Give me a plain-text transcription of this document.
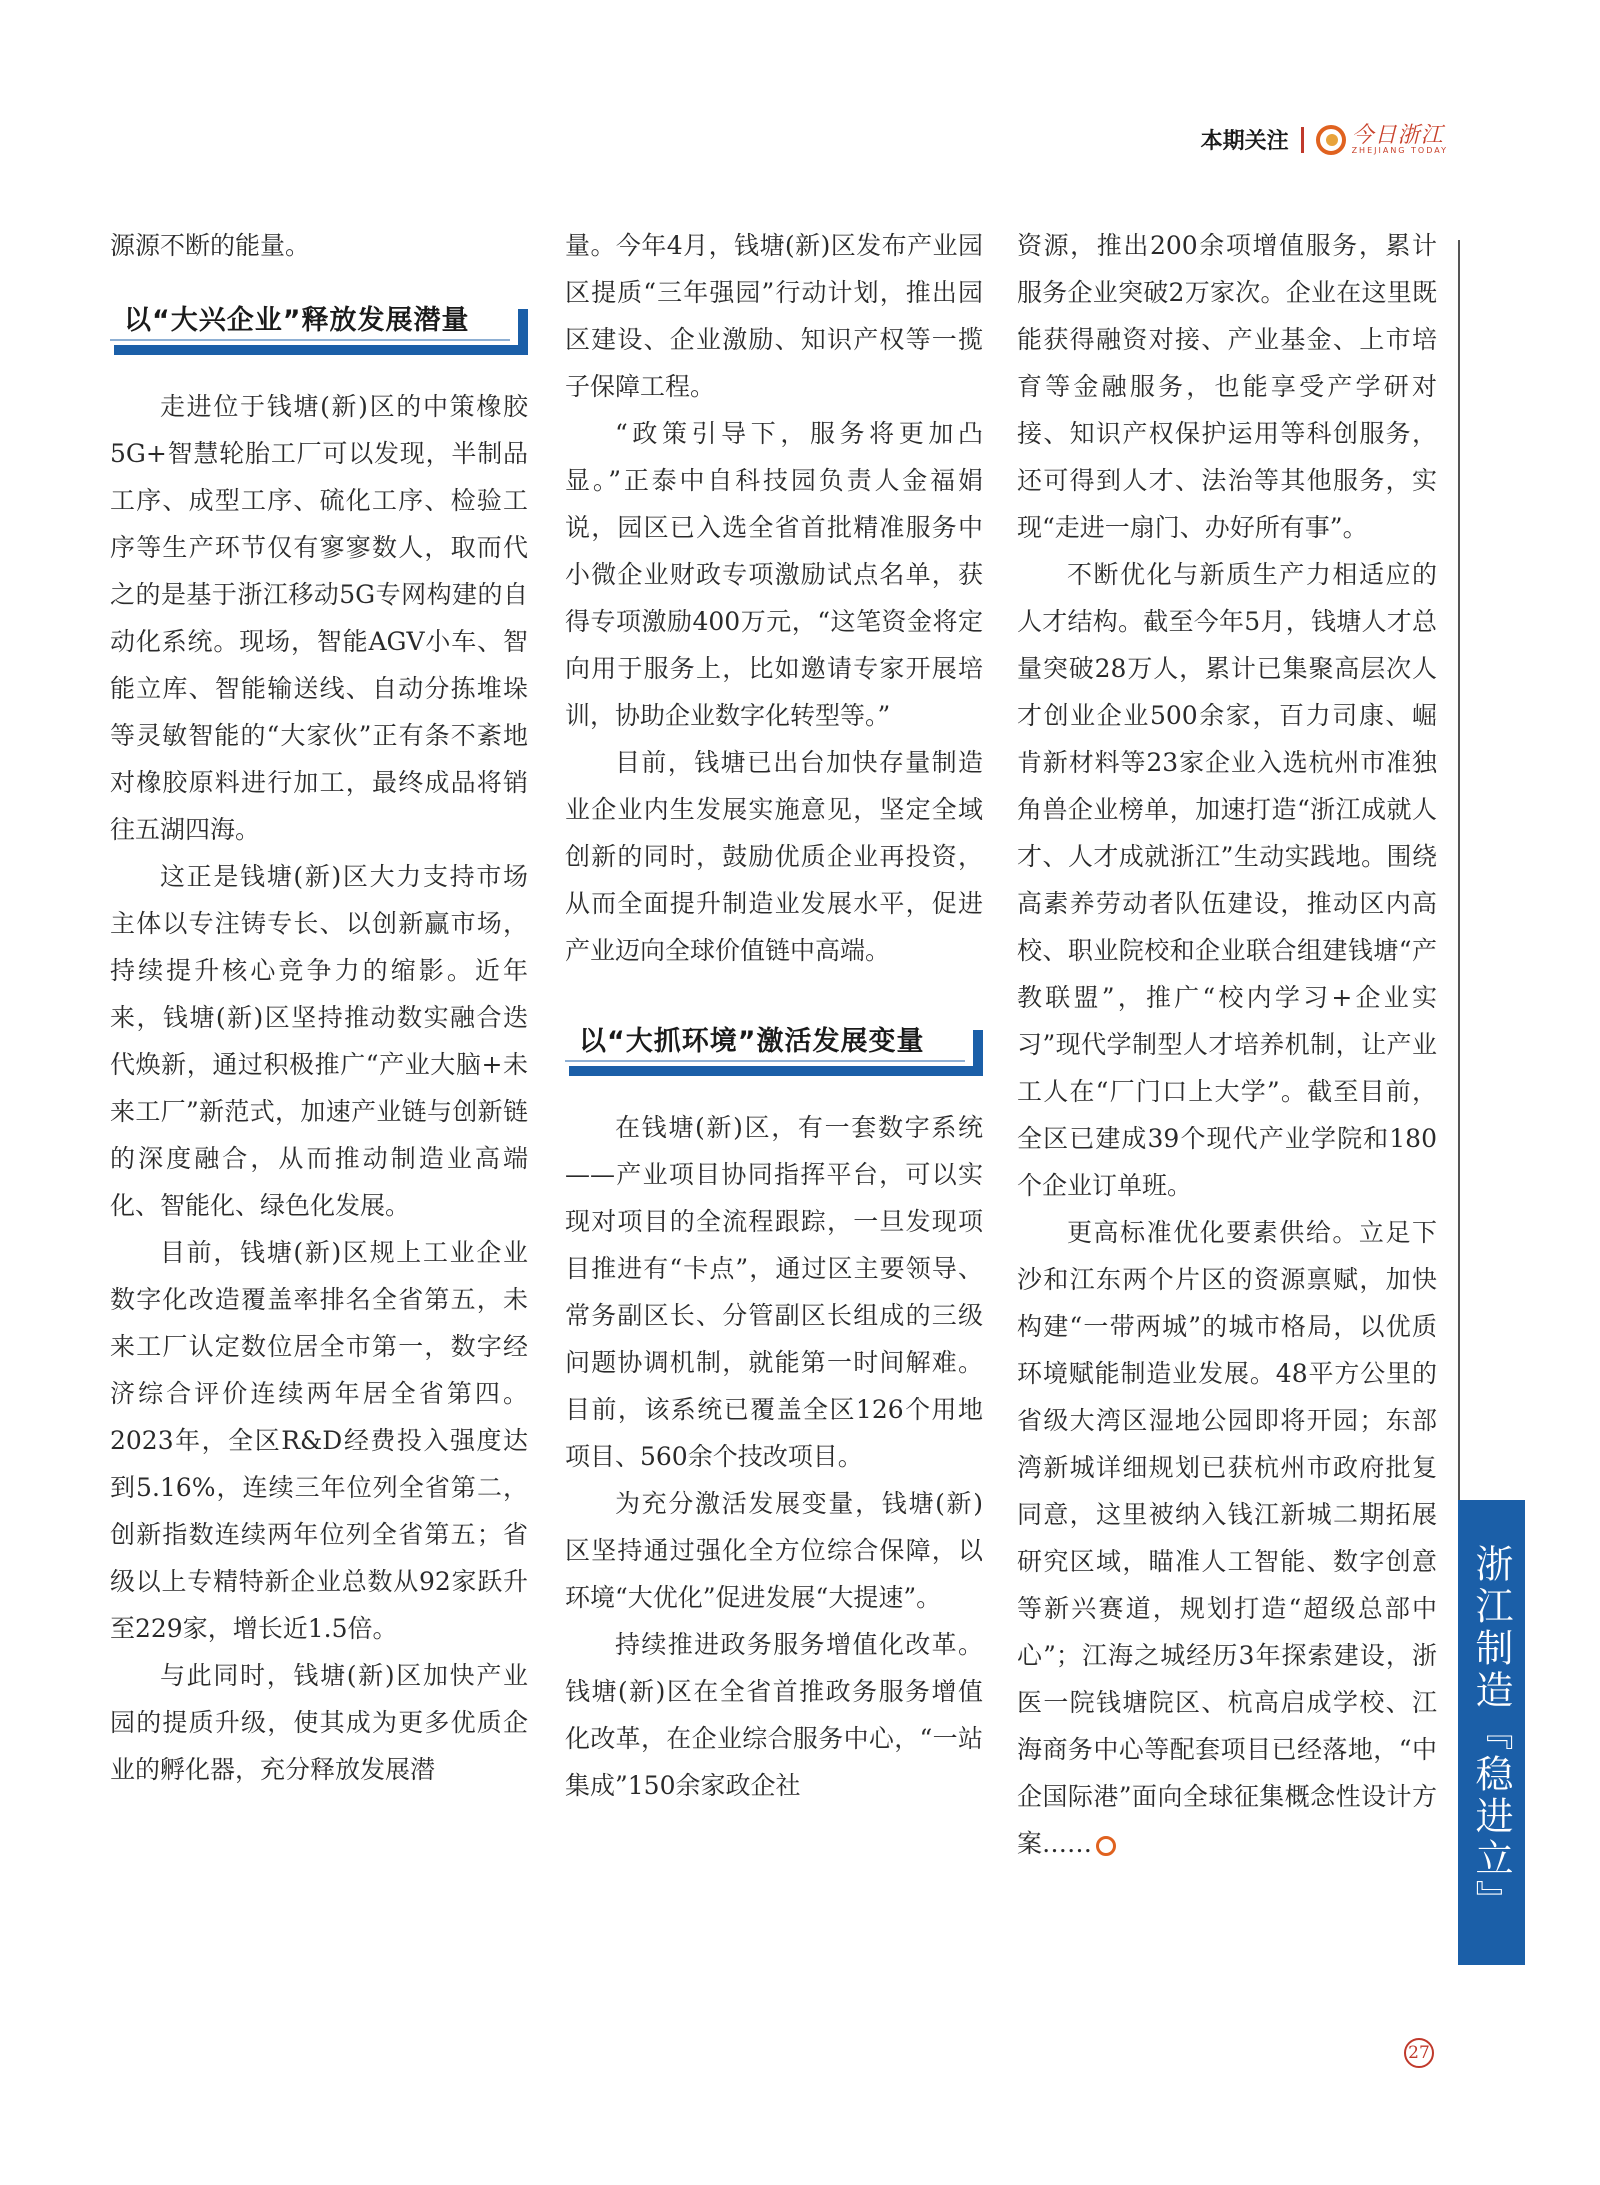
本期关注	今日浙江
ZHEJIANG TODAY

源源不断的能量。

以“大兴企业”释放发展潜量

走进位于钱塘(新)区的中策橡胶5G+智慧轮胎工厂可以发现，半制品工序、成型工序、硫化工序、检验工序等生产环节仅有寥寥数人，取而代之的是基于浙江移动5G专网构建的自动化系统。现场，智能AGV小车、智能立库、智能输送线、自动分拣堆垛等灵敏智能的“大家伙”正有条不紊地对橡胶原料进行加工，最终成品将销往五湖四海。

这正是钱塘(新)区大力支持市场主体以专注铸专长、以创新赢市场，持续提升核心竞争力的缩影。近年来，钱塘(新)区坚持推动数实融合迭代焕新，通过积极推广“产业大脑+未来工厂”新范式，加速产业链与创新链的深度融合，从而推动制造业高端化、智能化、绿色化发展。

目前，钱塘(新)区规上工业企业数字化改造覆盖率排名全省第五，未来工厂认定数位居全市第一，数字经济综合评价连续两年居全省第四。2023年，全区R&D经费投入强度达到5.16%，连续三年位列全省第二，创新指数连续两年位列全省第五；省级以上专精特新企业总数从92家跃升至229家，增长近1.5倍。

与此同时，钱塘(新)区加快产业园的提质升级，使其成为更多优质企业的孵化器，充分释放发展潜

量。今年4月，钱塘(新)区发布产业园区提质“三年强园”行动计划，推出园区建设、企业激励、知识产权等一揽子保障工程。

“政策引导下，服务将更加凸显。”正泰中自科技园负责人金福娟说，园区已入选全省首批精准服务中小微企业财政专项激励试点名单，获得专项激励400万元，“这笔资金将定向用于服务上，比如邀请专家开展培训，协助企业数字化转型等。”

目前，钱塘已出台加快存量制造业企业内生发展实施意见，坚定全域创新的同时，鼓励优质企业再投资，从而全面提升制造业发展水平，促进产业迈向全球价值链中高端。

以“大抓环境”激活发展变量

在钱塘(新)区，有一套数字系统——产业项目协同指挥平台，可以实现对项目的全流程跟踪，一旦发现项目推进有“卡点”，通过区主要领导、常务副区长、分管副区长组成的三级问题协调机制，就能第一时间解难。目前，该系统已覆盖全区126个用地项目、560余个技改项目。

为充分激活发展变量，钱塘(新)区坚持通过强化全方位综合保障，以环境“大优化”促进发展“大提速”。

持续推进政务服务增值化改革。钱塘(新)区在全省首推政务服务增值化改革，在企业综合服务中心，“一站集成”150余家政企社

资源，推出200余项增值服务，累计服务企业突破2万家次。企业在这里既能获得融资对接、产业基金、上市培育等金融服务，也能享受产学研对接、知识产权保护运用等科创服务，还可得到人才、法治等其他服务，实现“走进一扇门、办好所有事”。

不断优化与新质生产力相适应的人才结构。截至今年5月，钱塘人才总量突破28万人，累计已集聚高层次人才创业企业500余家，百力司康、崛肯新材料等23家企业入选杭州市准独角兽企业榜单，加速打造“浙江成就人才、人才成就浙江”生动实践地。围绕高素养劳动者队伍建设，推动区内高校、职业院校和企业联合组建钱塘“产教联盟”，推广“校内学习+企业实习”现代学制型人才培养机制，让产业工人在“厂门口上大学”。截至目前，全区已建成39个现代产业学院和180个企业订单班。

更高标准优化要素供给。立足下沙和江东两个片区的资源禀赋，加快构建“一带两城”的城市格局，以优质环境赋能制造业发展。48平方公里的省级大湾区湿地公园即将开园；东部湾新城详细规划已获杭州市政府批复同意，这里被纳入钱江新城二期拓展研究区域，瞄准人工智能、数字创意等新兴赛道，规划打造“超级总部中心”；江海之城经历3年探索建设，浙医一院钱塘院区、杭高启成学校、江海商务中心等配套项目已经落地，“中企国际港”面向全球征集概念性设计方案……	浙江制造『稳进立』
27
